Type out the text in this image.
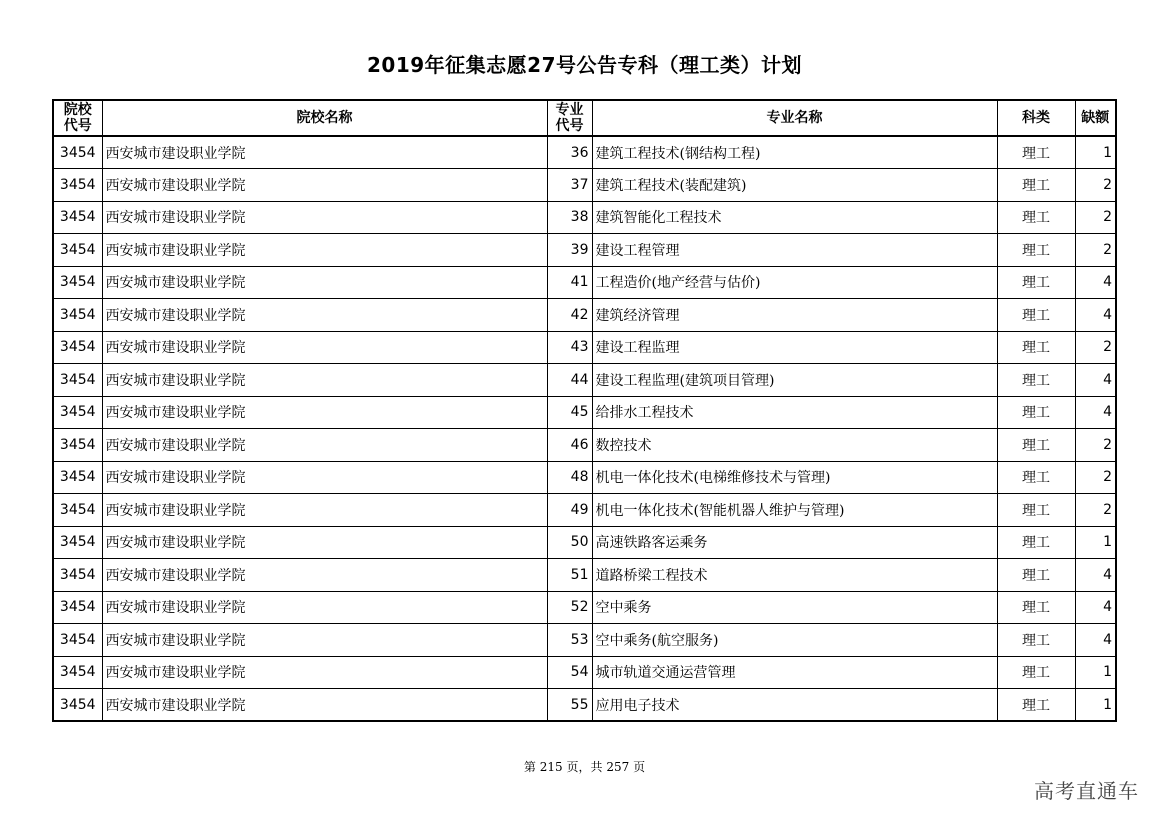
2019年征集志愿27号公告专科（理工类）计划
院校代号	院校名称	专业代号	专业名称	科类	缺额
3454	西安城市建设职业学院	36	建筑工程技术(钢结构工程)	理工	1
3454	西安城市建设职业学院	37	建筑工程技术(装配建筑)	理工	2
3454	西安城市建设职业学院	38	建筑智能化工程技术	理工	2
3454	西安城市建设职业学院	39	建设工程管理	理工	2
3454	西安城市建设职业学院	41	工程造价(地产经营与估价)	理工	4
3454	西安城市建设职业学院	42	建筑经济管理	理工	4
3454	西安城市建设职业学院	43	建设工程监理	理工	2
3454	西安城市建设职业学院	44	建设工程监理(建筑项目管理)	理工	4
3454	西安城市建设职业学院	45	给排水工程技术	理工	4
3454	西安城市建设职业学院	46	数控技术	理工	2
3454	西安城市建设职业学院	48	机电一体化技术(电梯维修技术与管理)	理工	2
3454	西安城市建设职业学院	49	机电一体化技术(智能机器人维护与管理)	理工	2
3454	西安城市建设职业学院	50	高速铁路客运乘务	理工	1
3454	西安城市建设职业学院	51	道路桥梁工程技术	理工	4
3454	西安城市建设职业学院	52	空中乘务	理工	4
3454	西安城市建设职业学院	53	空中乘务(航空服务)	理工	4
3454	西安城市建设职业学院	54	城市轨道交通运营管理	理工	1
3454	西安城市建设职业学院	55	应用电子技术	理工	1
第 215 页，共 257 页
高考直通车
